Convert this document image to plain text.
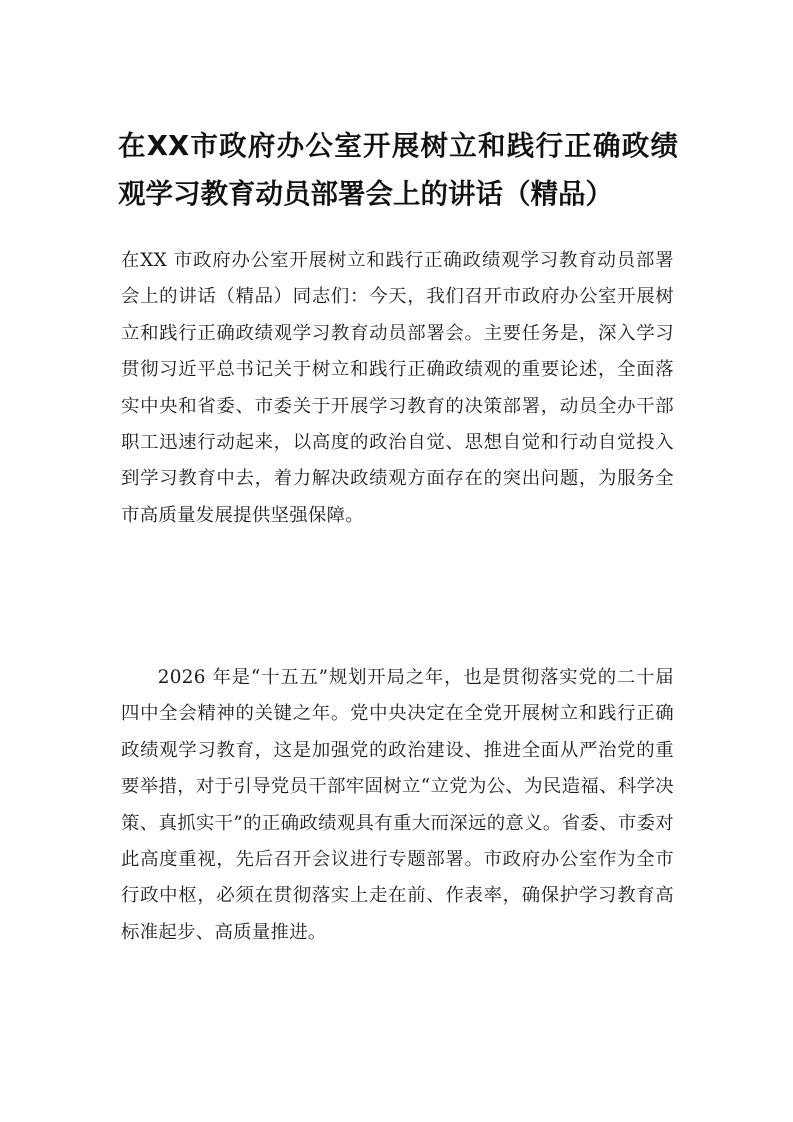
在XX市政府办公室开展树立和践行正确政绩观学习教育动员部署会上的讲话（精品）

在XX 市政府办公室开展树立和践行正确政绩观学习教育动员部署会上的讲话（精品）同志们：今天，我们召开市政府办公室开展树立和践行正确政绩观学习教育动员部署会。主要任务是，深入学习贯彻习近平总书记关于树立和践行正确政绩观的重要论述，全面落实中央和省委、市委关于开展学习教育的决策部署，动员全办干部职工迅速行动起来，以高度的政治自觉、思想自觉和行动自觉投入到学习教育中去，着力解决政绩观方面存在的突出问题，为服务全市高质量发展提供坚强保障。

2026 年是“十五五”规划开局之年，也是贯彻落实党的二十届四中全会精神的关键之年。党中央决定在全党开展树立和践行正确政绩观学习教育，这是加强党的政治建设、推进全面从严治党的重要举措，对于引导党员干部牢固树立“立党为公、为民造福、科学决策、真抓实干”的正确政绩观具有重大而深远的意义。省委、市委对此高度重视，先后召开会议进行专题部署。市政府办公室作为全市行政中枢，必须在贯彻落实上走在前、作表率，确保护学习教育高标准起步、高质量推进。
